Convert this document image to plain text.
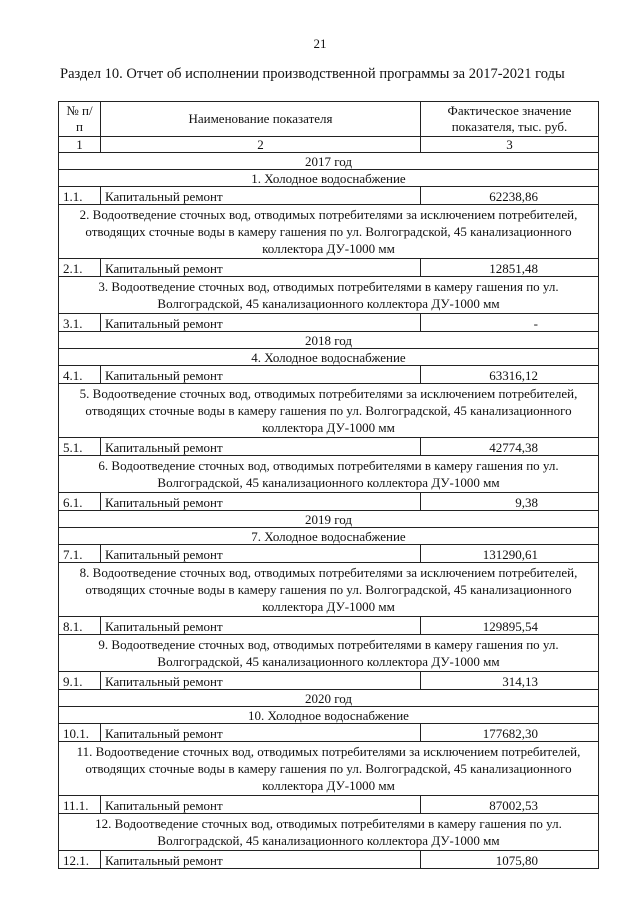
21
Раздел 10. Отчет об исполнении производственной программы за 2017-2021 годы
№ п/п	Наименование показателя	Фактическое значение показателя, тыс. руб.
1	2	3
2017 год		
1. Холодное водоснабжение		
1.1.	Капитальный ремонт	62238,86
2. Водоотведение сточных вод, отводимых потребителями за исключением потребителей, отводящих сточные воды в камеру гашения по ул. Волгоградской, 45 канализационного коллектора ДУ-1000 мм		
2.1.	Капитальный ремонт	12851,48
3. Водоотведение сточных вод, отводимых потребителями в камеру гашения по ул. Волгоградской, 45 канализационного коллектора ДУ-1000 мм		
3.1.	Капитальный ремонт	-
2018 год		
4. Холодное водоснабжение		
4.1.	Капитальный ремонт	63316,12
5. Водоотведение сточных вод, отводимых потребителями за исключением потребителей, отводящих сточные воды в камеру гашения по ул. Волгоградской, 45 канализационного коллектора ДУ-1000 мм		
5.1.	Капитальный ремонт	42774,38
6. Водоотведение сточных вод, отводимых потребителями в камеру гашения по ул. Волгоградской, 45 канализационного коллектора ДУ-1000 мм		
6.1.	Капитальный ремонт	9,38
2019 год		
7. Холодное водоснабжение		
7.1.	Капитальный ремонт	131290,61
8. Водоотведение сточных вод, отводимых потребителями за исключением потребителей, отводящих сточные воды в камеру гашения по ул. Волгоградской, 45 канализационного коллектора ДУ-1000 мм		
8.1.	Капитальный ремонт	129895,54
9. Водоотведение сточных вод, отводимых потребителями в камеру гашения по ул. Волгоградской, 45 канализационного коллектора ДУ-1000 мм		
9.1.	Капитальный ремонт	314,13
2020 год		
10. Холодное водоснабжение		
10.1.	Капитальный ремонт	177682,30
11. Водоотведение сточных вод, отводимых потребителями за исключением потребителей, отводящих сточные воды в камеру гашения по ул. Волгоградской, 45 канализационного коллектора ДУ-1000 мм		
11.1.	Капитальный ремонт	87002,53
12. Водоотведение сточных вод, отводимых потребителями в камеру гашения по ул. Волгоградской, 45 канализационного коллектора ДУ-1000 мм		
12.1.	Капитальный ремонт	1075,80
